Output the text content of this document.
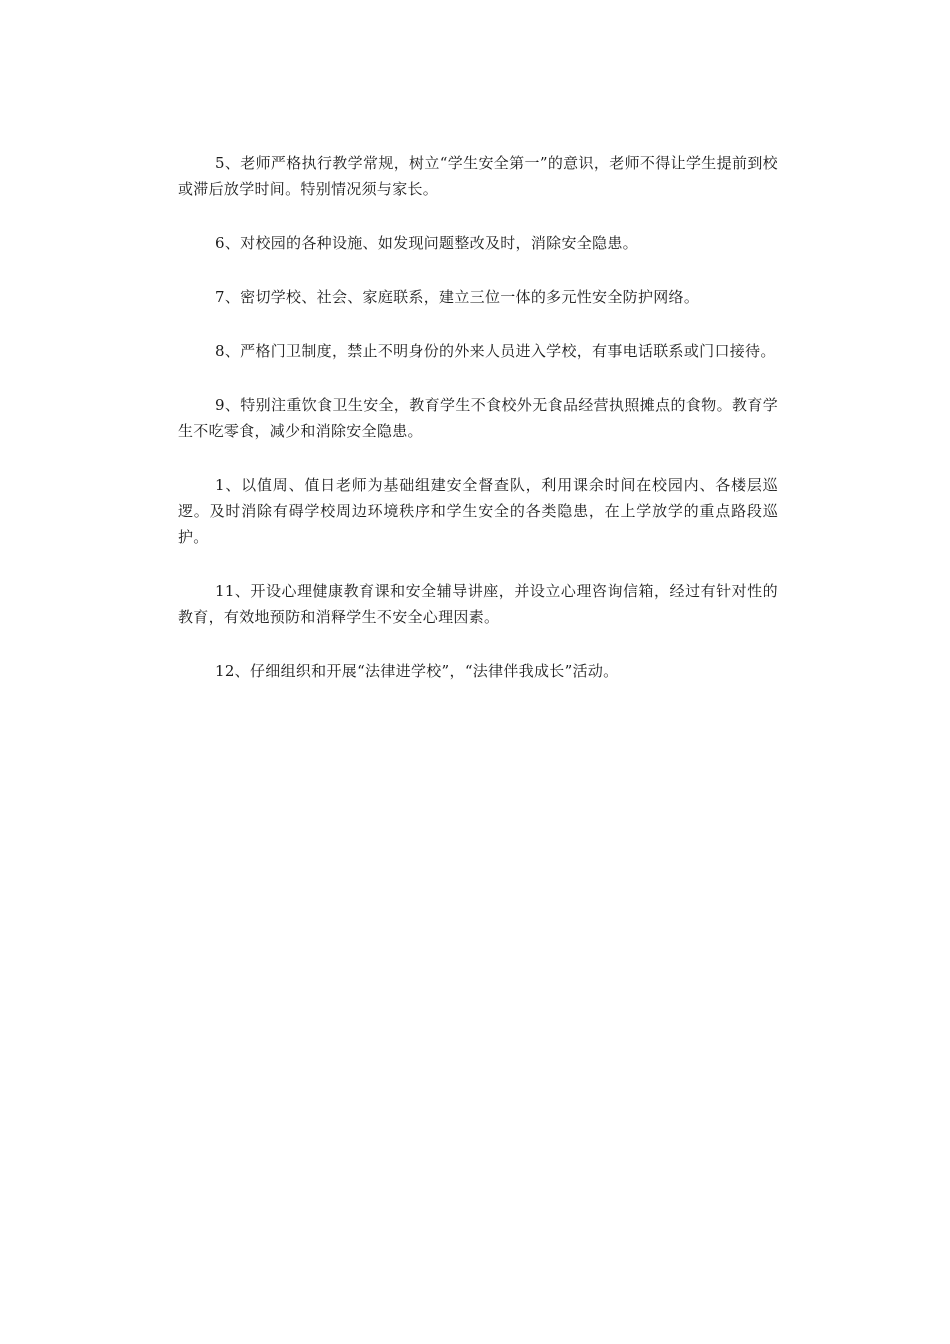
5、老师严格执行教学常规，树立“学生安全第一”的意识，老师不得让学生提前到校或滞后放学时间。特别情况须与家长。

6、对校园的各种设施、如发现问题整改及时，消除安全隐患。

7、密切学校、社会、家庭联系，建立三位一体的多元性安全防护网络。

8、严格门卫制度，禁止不明身份的外来人员进入学校，有事电话联系或门口接待。

9、特别注重饮食卫生安全，教育学生不食校外无食品经营执照摊点的食物。教育学生不吃零食，减少和消除安全隐患。

1、以值周、值日老师为基础组建安全督查队，利用课余时间在校园内、各楼层巡逻。及时消除有碍学校周边环境秩序和学生安全的各类隐患，在上学放学的重点路段巡护。

11、开设心理健康教育课和安全辅导讲座，并设立心理咨询信箱，经过有针对性的教育，有效地预防和消释学生不安全心理因素。

12、仔细组织和开展“法律进学校”，“法律伴我成长”活动。
